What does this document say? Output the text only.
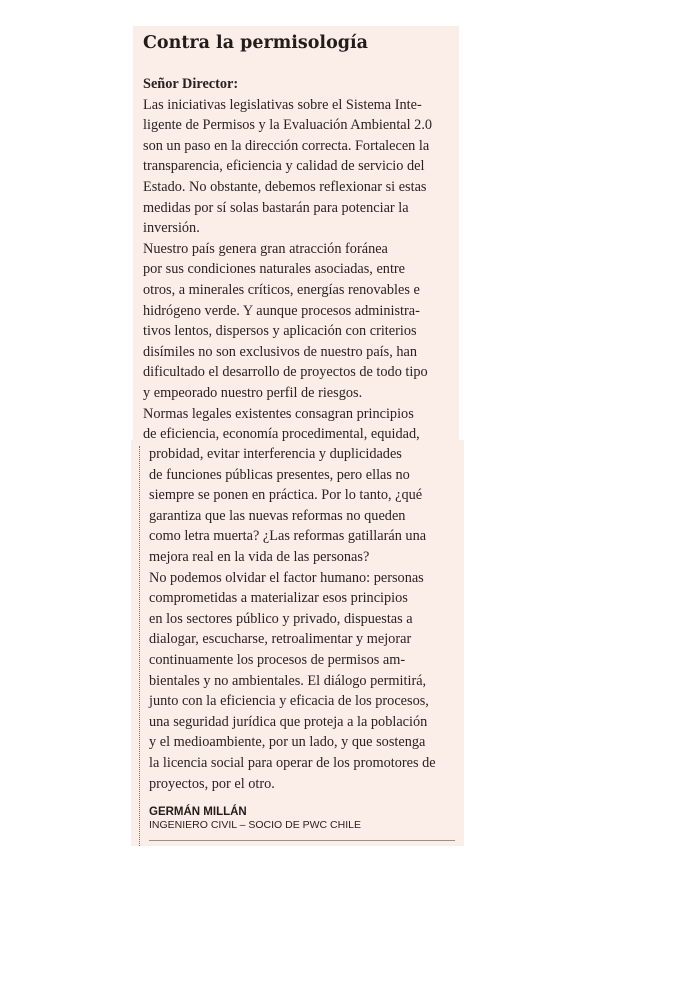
Contra la permisología
Señor Director:
Las iniciativas legislativas sobre el Sistema Inte-
ligente de Permisos y la Evaluación Ambiental 2.0
son un paso en la dirección correcta. Fortalecen la
transparencia, eficiencia y calidad de servicio del
Estado. No obstante, debemos reflexionar si estas
medidas por sí solas bastarán para potenciar la
inversión.
Nuestro país genera gran atracción foránea
por sus condiciones naturales asociadas, entre
otros, a minerales críticos, energías renovables e
hidrógeno verde. Y aunque procesos administra-
tivos lentos, dispersos y aplicación con criterios
disímiles no son exclusivos de nuestro país, han
dificultado el desarrollo de proyectos de todo tipo
y empeorado nuestro perfil de riesgos.
Normas legales existentes consagran principios
de eficiencia, economía procedimental, equidad,
probidad, evitar interferencia y duplicidades
de funciones públicas presentes, pero ellas no
siempre se ponen en práctica. Por lo tanto, ¿qué
garantiza que las nuevas reformas no queden
como letra muerta? ¿Las reformas gatillarán una
mejora real en la vida de las personas?
No podemos olvidar el factor humano: personas
comprometidas a materializar esos principios
en los sectores público y privado, dispuestas a
dialogar, escucharse, retroalimentar y mejorar
continuamente los procesos de permisos am-
bientales y no ambientales. El diálogo permitirá,
junto con la eficiencia y eficacia de los procesos,
una seguridad jurídica que proteja a la población
y el medioambiente, por un lado, y que sostenga
la licencia social para operar de los promotores de
proyectos, por el otro.
GERMÁN MILLÁN
INGENIERO CIVIL – SOCIO DE PWC CHILE
